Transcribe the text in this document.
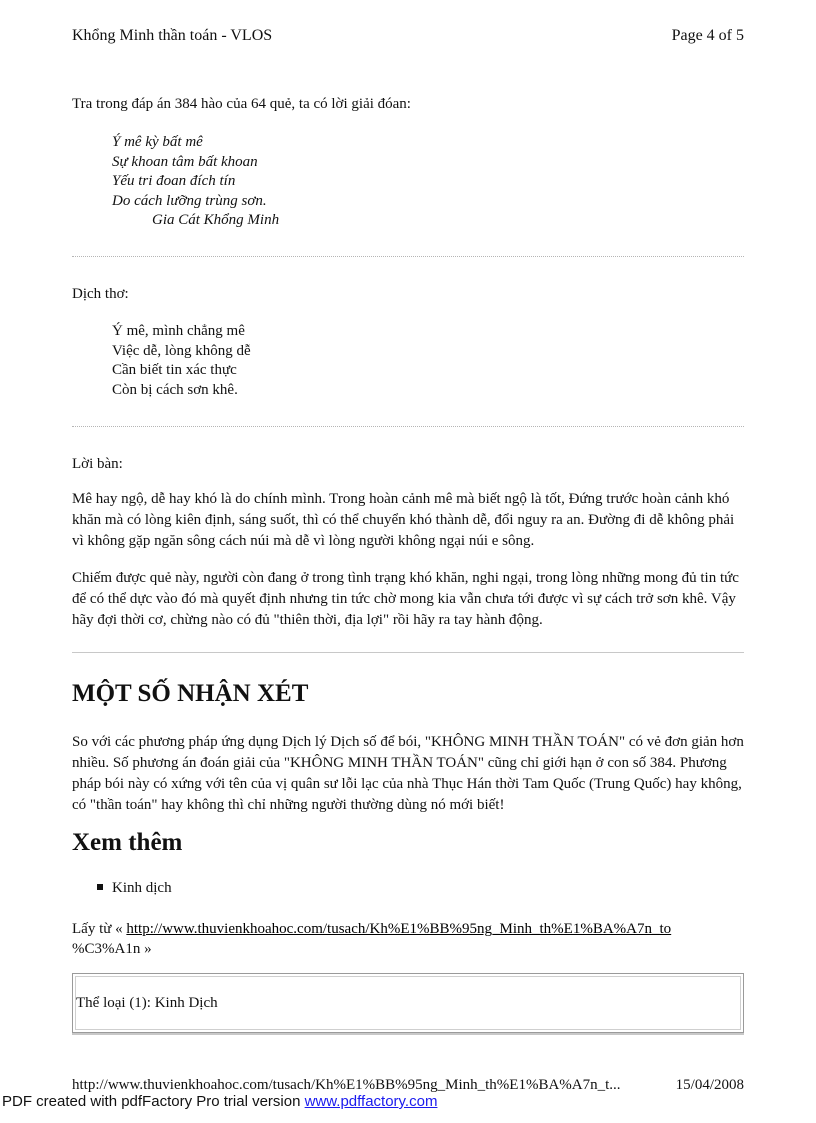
Khổng Minh thần toán - VLOS	Page 4 of 5
Tra trong đáp án 384 hào của 64 quẻ, ta có lời giải đóan:
Ý mê kỳ bất mê
Sự khoan tâm bất khoan
Yếu tri đoan đích tín
Do cách lưỡng trùng sơn.
Gia Cát Khổng Minh
Dịch thơ:
Ý mê, mình chẳng mê
Việc dễ, lòng không dễ
Cần biết tin xác thực
Còn bị cách sơn khê.
Lời bàn:
Mê hay ngộ, dễ hay khó là do chính mình. Trong hoàn cảnh mê mà biết ngộ là tốt, Đứng trước hoàn cảnh khó khăn mà có lòng kiên định, sáng suốt, thì có thể chuyển khó thành dễ, đổi nguy ra an. Đường đi dễ không phải vì không gặp ngăn sông cách núi mà dễ vì lòng người không ngại núi e sông.
Chiếm được quẻ này, người còn đang ở trong tình trạng khó khăn, nghi ngại, trong lòng những mong đủ tin tức để có thể dực vào đó mà quyết định nhưng tin tức chờ mong kia vẫn chưa tới được vì sự cách trở sơn khê. Vậy hãy đợi thời cơ, chừng nào có đủ "thiên thời, địa lợi" rồi hãy ra tay hành động.
MỘT SỐ NHẬN XÉT
So với các phương pháp ứng dụng Dịch lý Dịch số để bói, "KHÔNG MINH THẦN TOÁN" có vẻ đơn giản hơn nhiều. Số phương án đoán giải của "KHÔNG MINH THẦN TOÁN" cũng chỉ giới hạn ở con số 384. Phương pháp bói này có xứng với tên của vị quân sư lỗi lạc của nhà Thục Hán thời Tam Quốc (Trung Quốc) hay không, có "thần toán" hay không thì chỉ những người thường dùng nó mới biết!
Xem thêm
Kinh dịch
Lấy từ « http://www.thuvienkhoahoc.com/tusach/Kh%E1%BB%95ng_Minh_th%E1%BA%A7n_to
%C3%A1n »
Thể loại (1): Kinh Dịch
http://www.thuvienkhoahoc.com/tusach/Kh%E1%BB%95ng_Minh_th%E1%BA%A7n_t...	15/04/2008
PDF created with pdfFactory Pro trial version www.pdffactory.com
